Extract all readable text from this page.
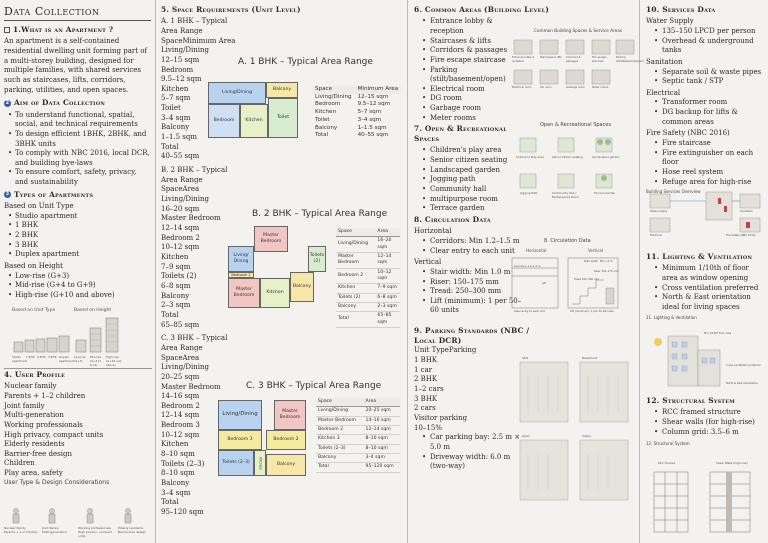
Data Collection
1.What is an Apartment ?

An apartment is a self-contained residential dwelling unit forming part of a multi-storey building, designed for multiple families, with shared services such as staircases, lifts, corridors, parking, utilities, and open spaces.

2 Aim of Data Collection
• To understand functional, spatial, social, and technical requirements
• To design efficient 1BHK, 2BHK, and 3BHK units
• To comply with NBC 2016, local DCR, and building bye-laws
• To ensure comfort, safety, privacy, and sustainability
3 Types of Apartments
Based on Unit Type
• Studio apartment
• 1 BHK
• 2 BHK
• 3 BHK
• Duplex apartment
Based on Height
• Low-rise (G+3)
• Mid-rise (G+4 to G+9)
• High-rise (G+10 and above)
Based on Unit Type	Based on Height
Studio apartment
1 BHK 2 BHK 3 BHK Duplex apartment
Low-rise (G+3)
Mid-rise (G+4 to G+9)
High-rise (G+10 and above)
4. User Profile
Nuclear family
Parents + 1–2 children
Joint family
Multi-generation
Working professionals
High privacy, compact units
Elderly residents
Barrier-free design
Children
Play area, safety
User Type & Design Considerations
Nuclear family	Joint family	Working professionals Elderly residents
Parents + 1–2 children Multi-generation	High privacy, compact units
Barrier-free design
5. Space Requirements (Unit Level)
A. 1 BHK – Typical Area Range
SpaceMinimum Area
Living/Dining
12–15 sqm
Bedroom
9.5–12 sqm
Kitchen
5–7 sqm
Toilet
3–4 sqm
Balcony
1–1.5 sqm
Total
40–55 sqm
B. 2 BHK – Typical Area Range
SpaceArea
Living/Dining
16–20 sqm
Master Bedroom
12–14 sqm
Bedroom 2
10–12 sqm
Kitchen
7–9 sqm
Toilets (2)
6–8 sqm
Balcony
2–3 sqm
Total
65–85 sqm
C. 3 BHK – Typical Area Range
SpaceArea
Living/Dining
20–25 sqm
Master Bedroom
14–16 sqm
Bedroom 2
12–14 sqm
Bedroom 3
10–12 sqm
Kitchen
8–10 sqm
Toilets (2–3)
8–10 sqm
Balcony
3–4 sqm
Total
95–120 sqm
A. 1 BHK – Typical Area Range
Living/Dining
Balcony
Bedroom	Kitchen
Toilet
Space	Minimum Area
Living/Dining	12–15 sqm
Bedroom	9.5–12 sqm
Kitchen	5–7 sqm
Toilet	3–4 sqm
Balcony	1–1.5 sqm
Total	40–55 sqm
B. 2 BHK – Typical Area Range
Master Bedroom
Living/ Dining
Toilets (2)
Bedroom 2
Master Bedroom
Kitchen
Balcony
Space	Area
Living/Dining	16–20 sqm
Master Bedroom	12–14 sqm
Bedroom 2	10–12 sqm
Kitchen	7–9 sqm
Toilets (2)	6–8 sqm
Balcony	2–3 sqm
Total	65–85 sqm
C. 3 BHK – Typical Area Range
Living/Dining
Master Bedroom
Bedroom 3	Bedroom 2
Toilets (2–3)	Kitchen	Balcony
Space	Area
Living/Dining	20–25 sqm
Master Bedroom	14–16 sqm
Bedroom 2	12–14 sqm
Kitchen 3	8–10 sqm
Toilets (2–3)	8–10 sqm
Balcony	3–4 sqm
Total	95–120 sqm
6. Common Areas (Building Level)
• Entrance lobby & reception
• Staircases & lifts
• Corridors & passages
• Fire escape staircase
• Parking (stilt/basement/open)
• Electrical room
• DG room
• Garbage room
• Meter rooms
Common Building Spaces & Service Areas
Entrance lobby & reception
Staircases & lifts	Corridors & passages
Fire escape staircase
Parking (stilt/basement/open)
Electrical room	DG room	Garbage room	Meter rooms
7. Open & Recreational Spaces
• Children's play area
• Senior citizen seating
• Landscaped garden
• Jogging path
• Community hall
• multipurpose room
• Terrace garden
Open & Recreational Spaces
Children's Play area	Senior Citizen Seating	Landscaped garden
Jogging Path	Community Hall / Multipurpose Room
Terrace Garden
8. Circulation Data
Horizontal
• Corridors: Min 1.2–1.5 m
• Clear entry to each unit
Vertical
• Stair width: Min 1.0 m
• Riser: 150–175 mm
• Tread: 250–300 mm
• Lift (minimum): 1 per 50–60 units
8. Circulation Data
Horizontal	Vertical
Corridors: 1.2–1.5 m
Clear entry to each unit
Stair width: Min 1.0 m
Riser 150–175 mm
Tread 250–300 mm
Lift (minimum): 1 per 50–60 units
Lift
9. Parking Standards (NBC / Local DCR)
Unit TypeParking
1 BHK
1 car
2 BHK
1–2 cars
3 BHK
2 cars
Visitor parking
10–15%
• Car parking bay: 2.5 m × 5.0 m
• Driveway width: 6.0 m (two-way)
Stilt	Basement
Open	Visitor
10. Services Data
Water Supply
• 135–150 LPCD per person
• Overhead & underground tanks
Sanitation
• Separate soil & waste pipes
• Septic tank / STP
Electrical
• Transformer room
• DG backup for lifts & common areas
Fire Safety (NBC 2016)
• Fire staircase
• Fire extinguisher on each floor
• Hose reel system
• Refuge area for high-rise
Building Services Overview
Water Supply	Sanitation
Electrical	Fire Safety (NBC 2016)
11. Lighting & Ventilation
• Minimum 1/10th of floor area as window opening
• Cross ventilation preferred
• North & East orientation ideal for living spaces
11. Lighting & Ventilation
Min 1/10th floor area
Cross ventilation preferred
North & East Orientation
12. Structural System
• RCC framed structure
• Shear walls (for high-rise)
• Column grid: 3.5–6 m
12. Structural System
RCC Framed	Shear Walls (high-rise)
